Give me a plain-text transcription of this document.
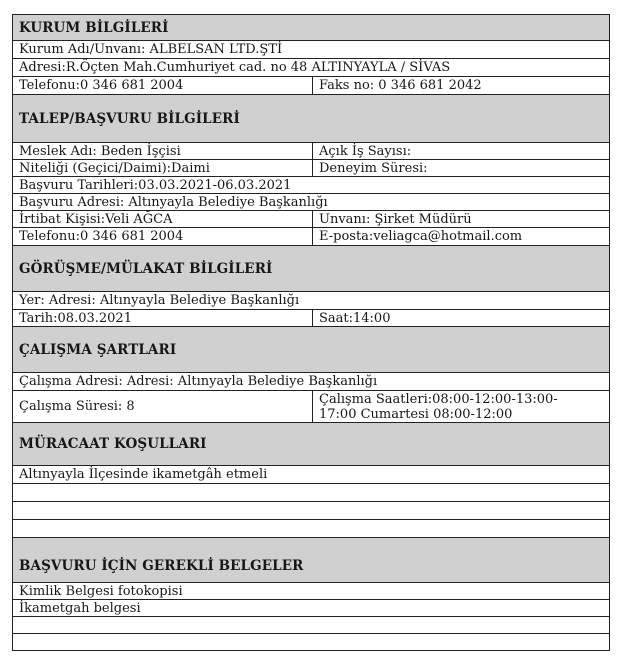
KURUM BİLGİLERİ
Kurum Adı/Unvanı: ALBELSAN LTD.ŞTİ
Adresi:R.Öçten Mah.Cumhuriyet cad. no 48 ALTINYAYLA / SİVAS
Telefonu:0 346 681 2004	Faks no: 0 346 681 2042
TALEP/BAŞVURU BİLGİLERİ
Meslek Adı: Beden İşçisi	Açık İş Sayısı:
Niteliği (Geçici/Daimi):Daimi	Deneyim Süresi:
Başvuru Tarihleri:03.03.2021-06.03.2021
Başvuru Adresi: Altınyayla Belediye Başkanlığı
İrtibat Kişisi:Veli AĞCA	Unvanı: Şirket Müdürü
Telefonu:0 346 681 2004	E-posta:veliagca@hotmail.com
GÖRÜŞME/MÜLAKAT BİLGİLERİ
Yer: Adresi: Altınyayla Belediye Başkanlığı
Tarih:08.03.2021	Saat:14:00
ÇALIŞMA ŞARTLARI
Çalışma Adresi: Adresi: Altınyayla Belediye Başkanlığı
Çalışma Süresi: 8	Çalışma Saatleri:08:00-12:00-13:00-
17:00 Cumartesi 08:00-12:00
MÜRACAAT KOŞULLARI
Altınyayla İlçesinde ikametgâh etmeli
BAŞVURU İÇİN GEREKLİ BELGELER
Kimlik Belgesi fotokopisi
İkametgah belgesi
